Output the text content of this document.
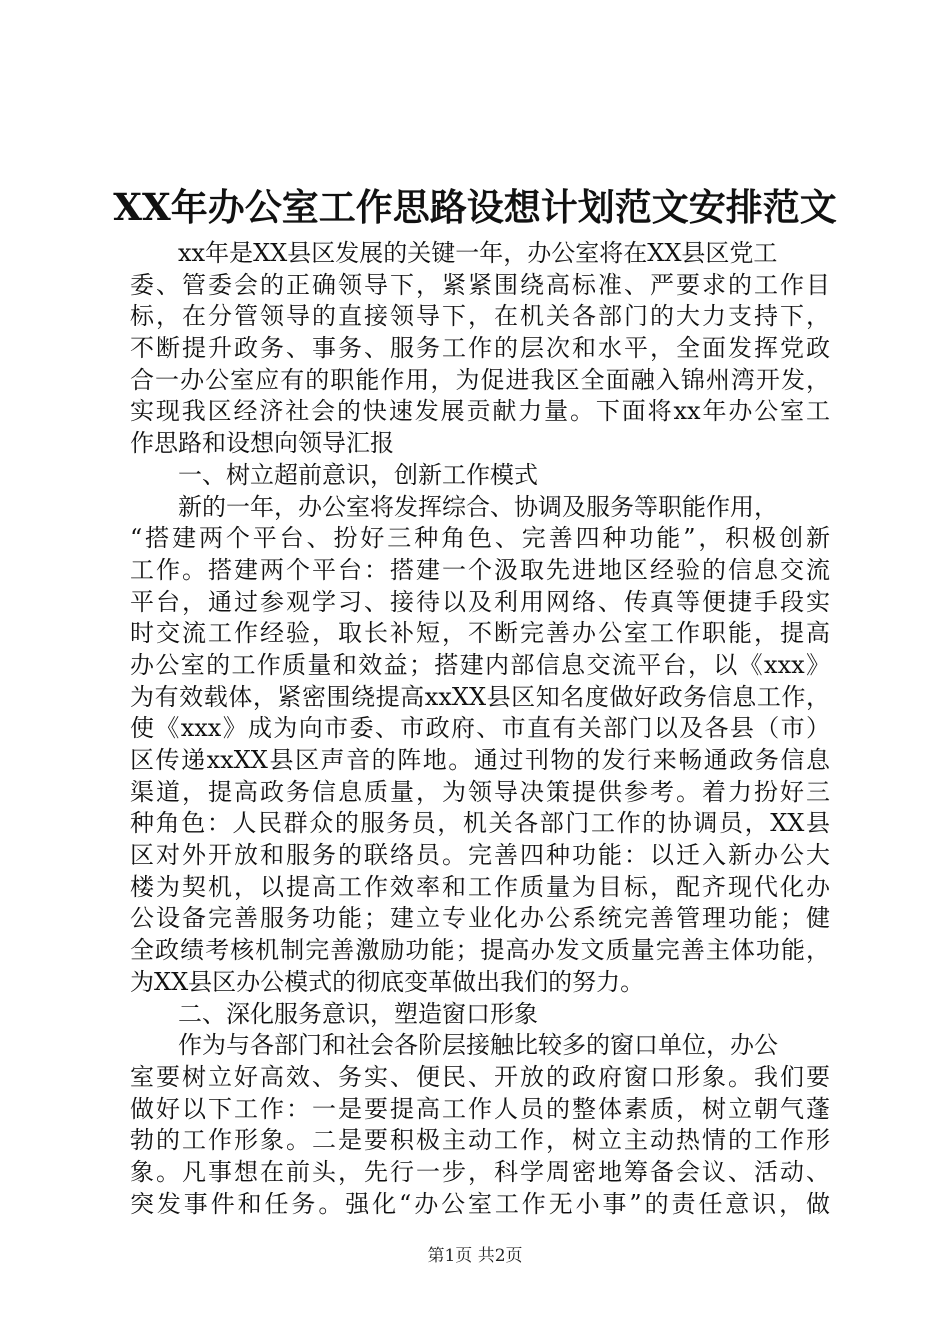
XX年办公室工作思路设想计划范文安排范文
xx年是XX县区发展的关键一年，办公室将在XX县区党工
委、管委会的正确领导下，紧紧围绕高标准、严要求的工作目
标，在分管领导的直接领导下，在机关各部门的大力支持下，
不断提升政务、事务、服务工作的层次和水平，全面发挥党政
合一办公室应有的职能作用，为促进我区全面融入锦州湾开发，
实现我区经济社会的快速发展贡献力量。下面将xx年办公室工
作思路和设想向领导汇报
一、树立超前意识，创新工作模式
新的一年，办公室将发挥综合、协调及服务等职能作用，
“搭建两个平台、扮好三种角色、完善四种功能”，积极创新
工作。搭建两个平台：搭建一个汲取先进地区经验的信息交流
平台，通过参观学习、接待以及利用网络、传真等便捷手段实
时交流工作经验，取长补短，不断完善办公室工作职能，提高
办公室的工作质量和效益；搭建内部信息交流平台，以《xxx》
为有效载体，紧密围绕提高xxXX县区知名度做好政务信息工作，
使《xxx》成为向市委、市政府、市直有关部门以及各县（市）
区传递xxXX县区声音的阵地。通过刊物的发行来畅通政务信息
渠道，提高政务信息质量，为领导决策提供参考。着力扮好三
种角色：人民群众的服务员，机关各部门工作的协调员，XX县
区对外开放和服务的联络员。完善四种功能：以迁入新办公大
楼为契机，以提高工作效率和工作质量为目标，配齐现代化办
公设备完善服务功能；建立专业化办公系统完善管理功能；健
全政绩考核机制完善激励功能；提高办发文质量完善主体功能，
为XX县区办公模式的彻底变革做出我们的努力。
二、深化服务意识，塑造窗口形象
作为与各部门和社会各阶层接触比较多的窗口单位，办公
室要树立好高效、务实、便民、开放的政府窗口形象。我们要
做好以下工作：一是要提高工作人员的整体素质，树立朝气蓬
勃的工作形象。二是要积极主动工作，树立主动热情的工作形
象。凡事想在前头，先行一步，科学周密地筹备会议、活动、
突发事件和任务。强化“办公室工作无小事”的责任意识，做
第1页 共2页
